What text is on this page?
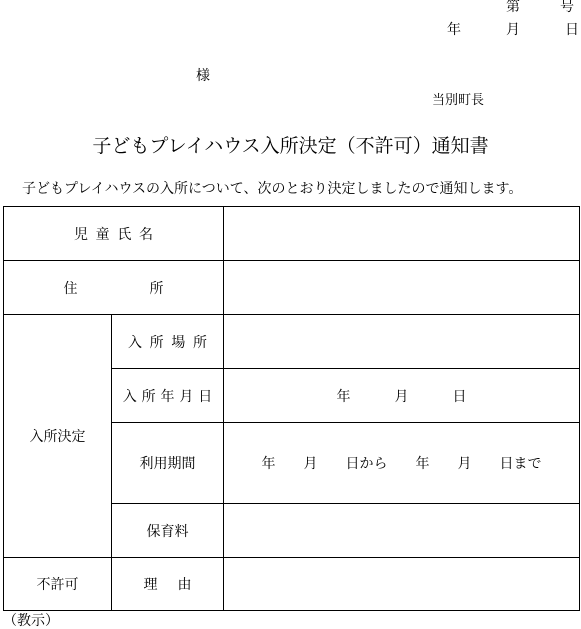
第	号
年	月	日
様
当別町長
子どもプレイハウス入所決定（不許可）通知書
子どもプレイハウスの入所について、次のとおり決定しましたので通知します。
児童氏名		
住 所		
入所決定	入所場所	
	入所年月日	年 月 日
	利用期間	年 月 日から 年 月 日まで
	保育料	
不許可	理 由	
（教示）
